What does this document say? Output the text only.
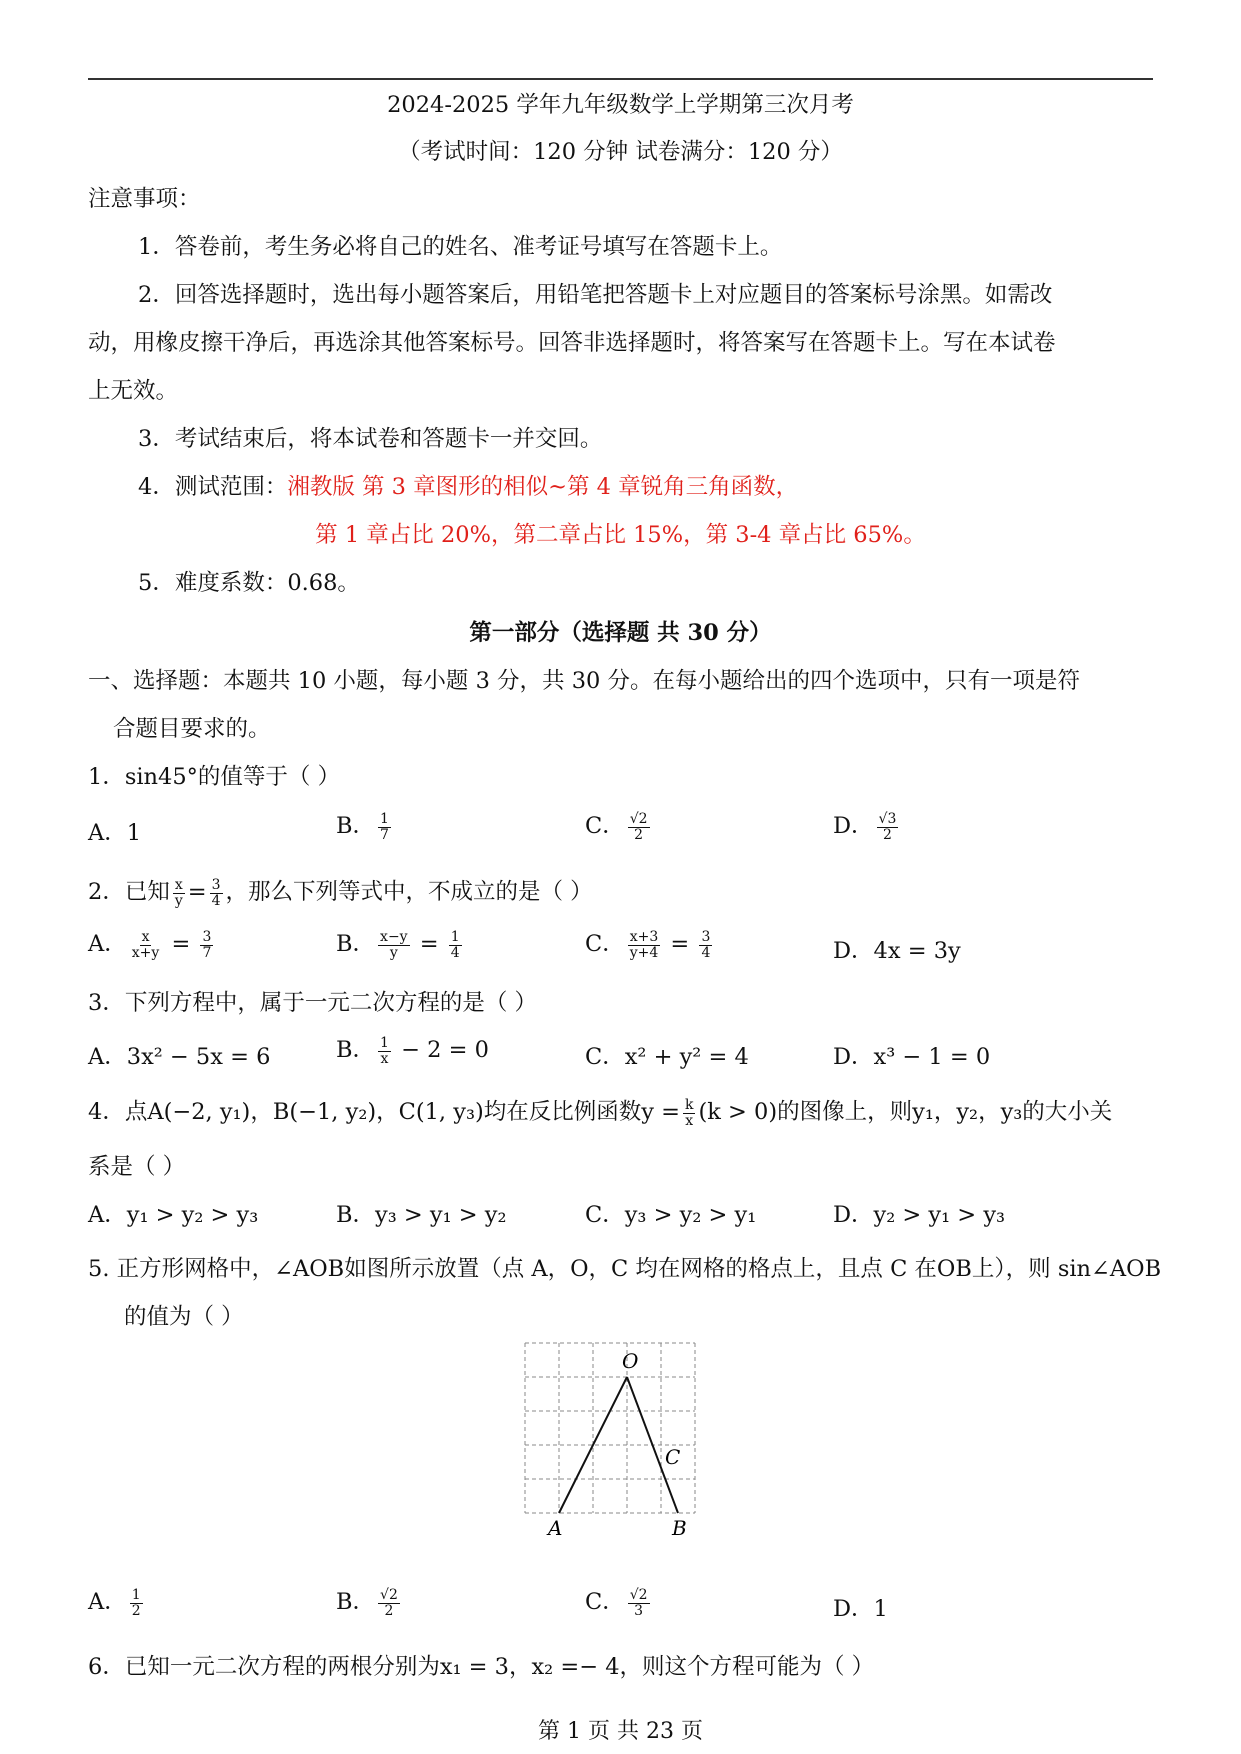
2024-2025 学年九年级数学上学期第三次月考
（考试时间：120 分钟 试卷满分：120 分）
注意事项：
1．答卷前，考生务必将自己的姓名、准考证号填写在答题卡上。
2．回答选择题时，选出每小题答案后，用铅笔把答题卡上对应题目的答案标号涂黑。如需改
动，用橡皮擦干净后，再选涂其他答案标号。回答非选择题时，将答案写在答题卡上。写在本试卷
上无效。
3．考试结束后，将本试卷和答题卡一并交回。
4．测试范围：湘教版 第 3 章图形的相似~第 4 章锐角三角函数，
第 1 章占比 20%，第二章占比 15%，第 3-4 章占比 65%。
5．难度系数：0.68。
第一部分（选择题 共 30 分）
一、选择题：本题共 10 小题，每小题 3 分，共 30 分。在每小题给出的四个选项中，只有一项是符
合题目要求的。
1．sin45°的值等于（ ）
A．1	B． $\frac{1}{7}$	C． $\frac{√2}{2}$	D． $\frac{√3}{2}$
2．已知 $\frac{x}{y} = \frac{3}{4}$ ，那么下列等式中，不成立的是（ ）
A． $\frac{x}{x+y} = \frac{3}{7}$	B． $\frac{x-y}{y} = \frac{1}{4}$	C． $\frac{x+3}{y+4} = \frac{3}{4}$	D．4x = 3y
3．下列方程中，属于一元二次方程的是（ ）
A．3x² − 5x = 6	B． $\frac{1}{x} - 2 = 0$	C．x² + y² = 4	D．x³ − 1 = 0
4．点A(−2, y₁)，B(−1, y₂)，C(1, y₃)均在反比例函数$y = \frac{k}{x} (k > 0)$的图像上，则y₁，y₂，y₃的大小关
系是（ ）
A．y₁ > y₂ > y₃	B．y₃ > y₁ > y₂	C．y₃ > y₂ > y₁	D．y₂ > y₁ > y₃
5. 正方形网格中，∠AOB如图所示放置（点 A，O，C 均在网格的格点上，且点 C 在OB上），则 sin∠AOB
的值为（ ）
O
C
A	B
A． $\frac{1}{2}$	B． $\frac{√2}{2}$	C． $\frac{√2}{3}$	D．1
6．已知一元二次方程的两根分别为x₁ = 3，x₂ =− 4，则这个方程可能为（ ）
第 1 页 共 23 页
